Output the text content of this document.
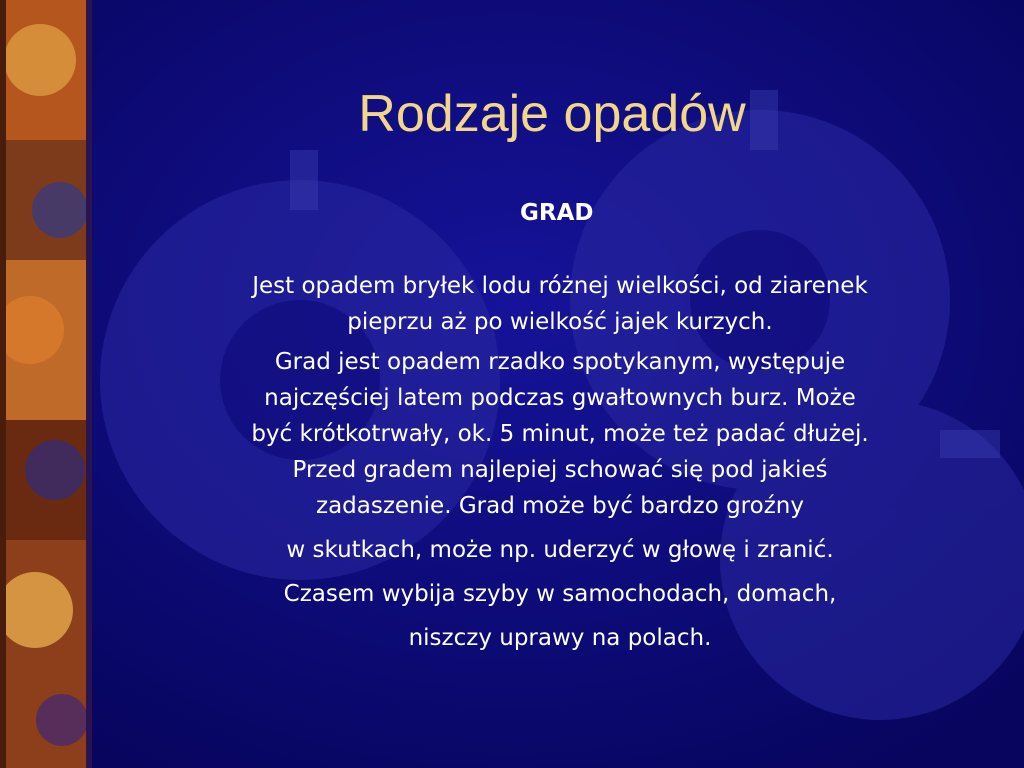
Rodzaje opadów
GRAD

Jest opadem bryłek lodu różnej wielkości, od ziarenek

pieprzu aż po wielkość jajek kurzych.

Grad jest opadem rzadko spotykanym, występuje

najczęściej latem podczas gwałtownych burz. Może

być krótkotrwały, ok. 5 minut, może też padać dłużej.

Przed gradem najlepiej schować się pod jakieś

zadaszenie. Grad może być bardzo groźny

w skutkach, może np. uderzyć w głowę i zranić.

Czasem wybija szyby w samochodach, domach,

niszczy uprawy na polach.
